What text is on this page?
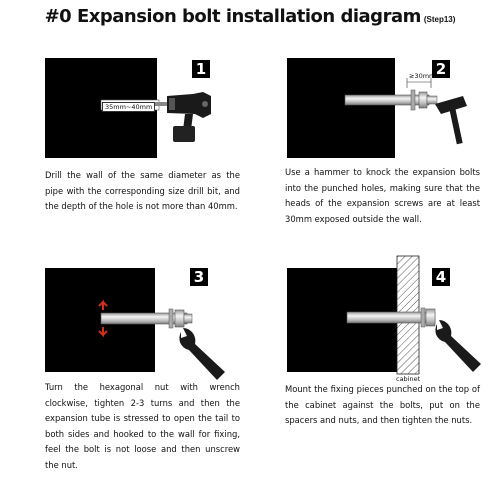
#0 Expansion bolt installation diagram (Step13)
1
35mm~40mm
Drill the wall of the same diameter as the pipe with the corresponding size drill bit, and the depth of the hole is not more than 40mm.
2
≥30mm
Use a hammer to knock the expansion bolts into the punched holes, making sure that the heads of the expansion screws are at least 30mm exposed outside the wall.
3
Turn the hexagonal nut with wrench clockwise, tighten 2-3 turns and then the expansion tube is stressed to open the tail to both sides and hooked to the wall for fixing, feel the bolt is not loose and then unscrew the nut.
4
cabinet
Mount the fixing pieces punched on the top of the cabinet against the bolts, put on the spacers and nuts, and then tighten the nuts.
